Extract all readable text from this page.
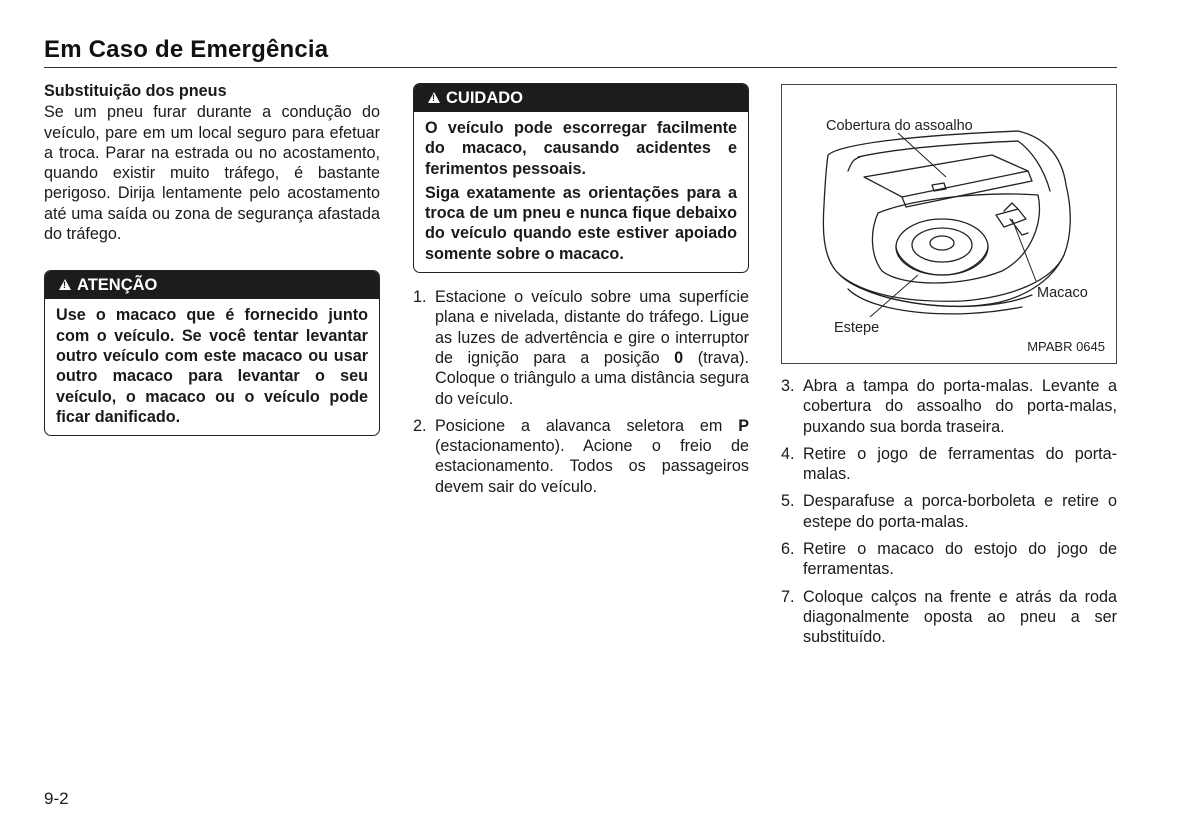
Em Caso de Emergência
Substituição dos pneus

Se um pneu furar durante a condução do veículo, pare em um local seguro para efetuar a troca. Parar na estrada ou no acostamento, quando existir muito tráfego, é bastante perigoso. Dirija lentamente pelo acostamento até uma saída ou zona de segurança afastada do tráfego.

!
ATENÇÃO

Use o macaco que é fornecido junto com o veículo. Se você tentar levantar outro veículo com este macaco ou usar outro macaco para levantar o seu veículo, o macaco ou o veículo pode ficar danificado.

!
CUIDADO

O veículo pode escorregar facilmente do macaco, causando acidentes e ferimentos pessoais.

Siga exatamente as orientações para a troca de um pneu e nunca fique debaixo do veículo quando este estiver apoiado somente sobre o macaco.

1. Estacione o veículo sobre uma superfície plana e nivelada, distante do tráfego. Ligue as luzes de advertência e gire o interruptor de ignição para a posição 0 (trava). Coloque o triângulo a uma distância segura do veículo.
2. Posicione a alavanca seletora em P (estacionamento). Acione o freio de estacionamento. Todos os passageiros devem sair do veículo.
Cobertura do assoalho
Macaco
Estepe
MPABR 0645
3. Abra a tampa do porta-malas. Levante a cobertura do assoalho do porta-malas, puxando sua borda traseira.
4. Retire o jogo de ferramentas do porta-malas.
5. Desparafuse a porca-borboleta e retire o estepe do porta-malas.
6. Retire o macaco do estojo do jogo de ferramentas.
7. Coloque calços na frente e atrás da roda diagonalmente oposta ao pneu a ser substituído.
9-2
